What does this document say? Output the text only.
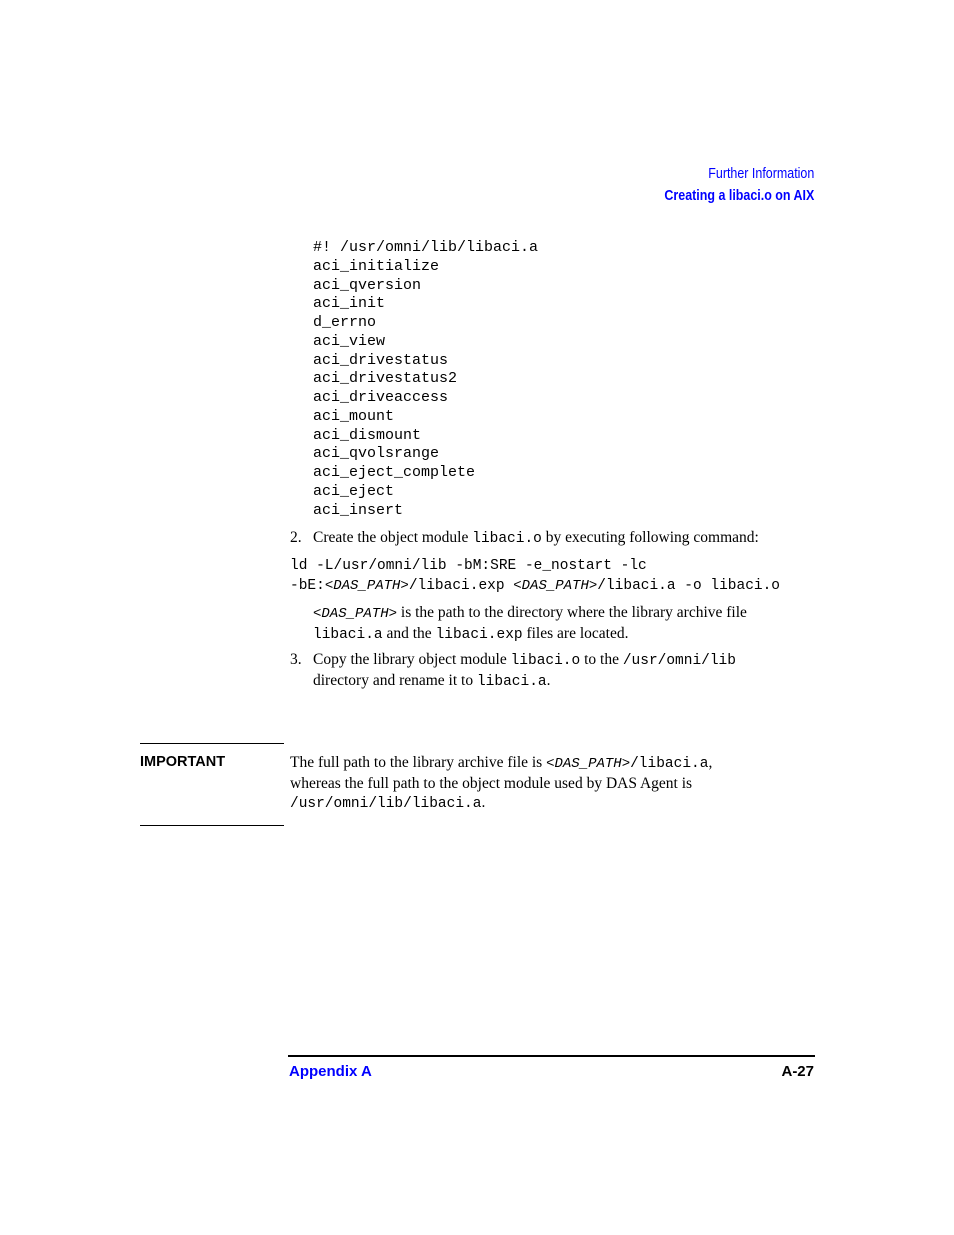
Further Information
Creating a libaci.o on AIX
#! /usr/omni/lib/libaci.a
aci_initialize
aci_qversion
aci_init
d_errno
aci_view
aci_drivestatus
aci_drivestatus2
aci_driveaccess
aci_mount
aci_dismount
aci_qvolsrange
aci_eject_complete
aci_eject
aci_insert
2. Create the object module libaci.o by executing following command:
ld -L/usr/omni/lib -bM:SRE -e_nostart -lc
-bE:<DAS_PATH>/libaci.exp <DAS_PATH>/libaci.a -o libaci.o
<DAS_PATH> is the path to the directory where the library archive file
libaci.a and the libaci.exp files are located.
3. Copy the library object module libaci.o to the /usr/omni/lib
directory and rename it to libaci.a.
IMPORTANT	The full path to the library archive file is <DAS_PATH>/libaci.a,
whereas the full path to the object module used by DAS Agent is
/usr/omni/lib/libaci.a.
Appendix A	A-27
